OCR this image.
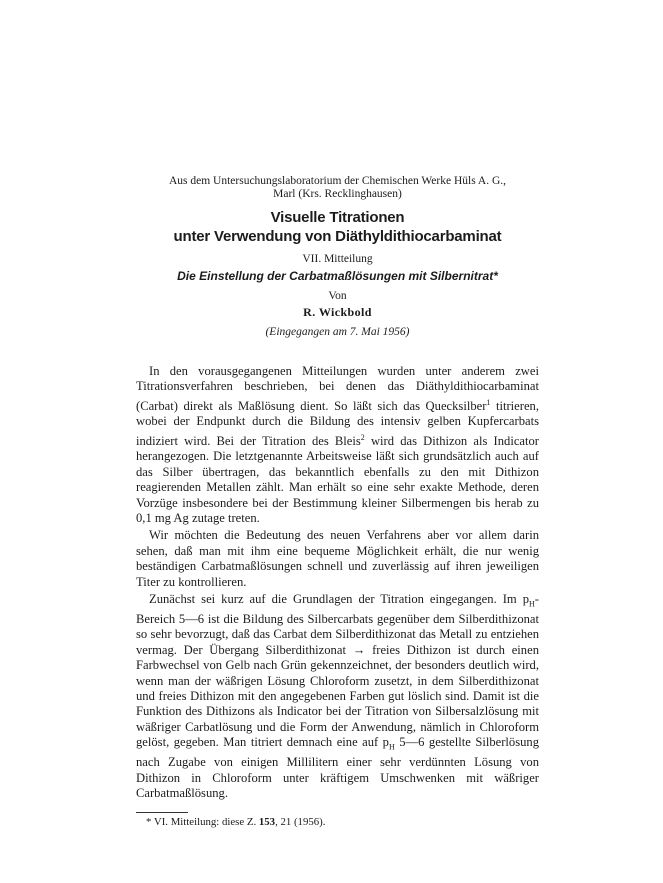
Aus dem Untersuchungslaboratorium der Chemischen Werke Hüls A. G.,
Marl (Krs. Recklinghausen)
Visuelle Titrationen
unter Verwendung von Diäthyldithiocarbaminat
VII. Mitteilung
Die Einstellung der Carbatmaßlösungen mit Silbernitrat*
Von
R. Wickbold
(Eingegangen am 7. Mai 1956)

In den vorausgegangenen Mitteilungen wurden unter anderem zwei Titrationsverfahren beschrieben, bei denen das Diäthyldithiocarbaminat (Carbat) direkt als Maßlösung dient. So läßt sich das Quecksilber$^1$ titrieren, wobei der Endpunkt durch die Bildung des intensiv gelben Kupfercarbats indiziert wird. Bei der Titration des Bleis$^2$ wird das Dithizon als Indicator herangezogen. Die letztgenannte Arbeitsweise läßt sich grundsätzlich auch auf das Silber übertragen, das bekanntlich ebenfalls zu den mit Dithizon reagierenden Metallen zählt. Man erhält so eine sehr exakte Methode, deren Vorzüge insbesondere bei der Bestimmung kleiner Silbermengen bis herab zu 0,1 mg Ag zutage treten.

Wir möchten die Bedeutung des neuen Verfahrens aber vor allem darin sehen, daß man mit ihm eine bequeme Möglichkeit erhält, die nur wenig beständigen Carbatmaßlösungen schnell und zuverlässig auf ihren jeweiligen Titer zu kontrollieren.

Zunächst sei kurz auf die Grundlagen der Titration eingegangen. Im $p_H$-Bereich 5—6 ist die Bildung des Silbercarbats gegenüber dem Silberdithizonat so sehr bevorzugt, daß das Carbat dem Silberdithizonat das Metall zu entziehen vermag. Der Übergang Silberdithizonat → freies Dithizon ist durch einen Farbwechsel von Gelb nach Grün gekennzeichnet, der besonders deutlich wird, wenn man der wäßrigen Lösung Chloroform zusetzt, in dem Silberdithizonat und freies Dithizon mit den angegebenen Farben gut löslich sind. Damit ist die Funktion des Dithizons als Indicator bei der Titration von Silbersalzlösung mit wäßriger Carbatlösung und die Form der Anwendung, nämlich in Chloroform gelöst, gegeben. Man titriert demnach eine auf $p_H$ 5—6 gestellte Silberlösung nach Zugabe von einigen Millilitern einer sehr verdünnten Lösung von Dithizon in Chloroform unter kräftigem Umschwenken mit wäßriger Carbatmaßlösung.

* VI. Mitteilung: diese Z. 153, 21 (1956).
